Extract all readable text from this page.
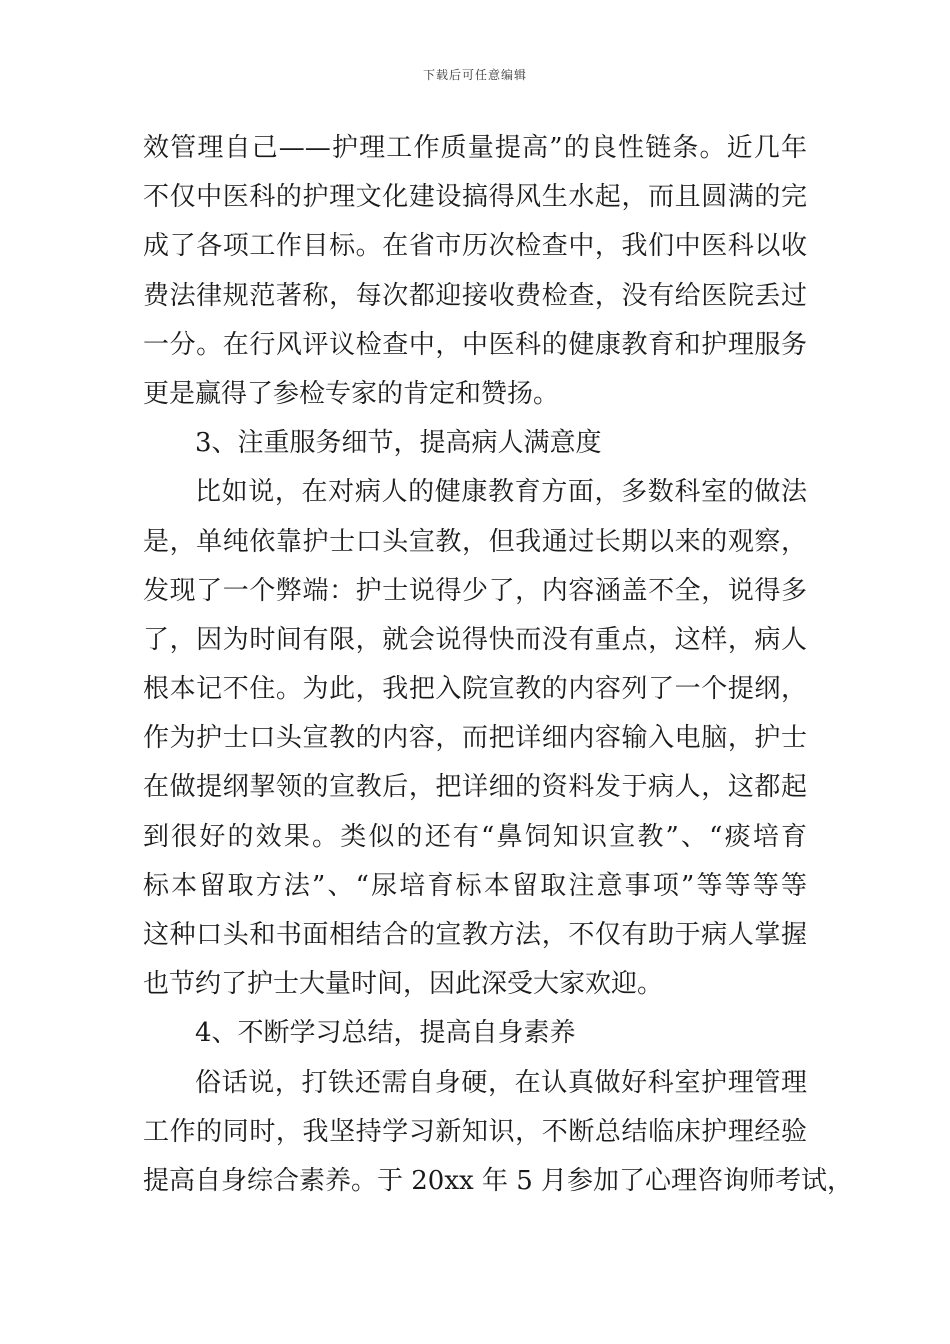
下载后可任意编辑
效管理自己——护理工作质量提高”的良性链条。近几年
不仅中医科的护理文化建设搞得风生水起，而且圆满的完
成了各项工作目标。在省市历次检查中，我们中医科以收
费法律规范著称，每次都迎接收费检查，没有给医院丢过
一分。在行风评议检查中，中医科的健康教育和护理服务
更是赢得了参检专家的肯定和赞扬。
3、注重服务细节，提高病人满意度
比如说，在对病人的健康教育方面，多数科室的做法
是，单纯依靠护士口头宣教，但我通过长期以来的观察，
发现了一个弊端：护士说得少了，内容涵盖不全，说得多
了，因为时间有限，就会说得快而没有重点，这样，病人
根本记不住。为此，我把入院宣教的内容列了一个提纲，
作为护士口头宣教的内容，而把详细内容输入电脑，护士
在做提纲挈领的宣教后，把详细的资料发于病人，这都起
到很好的效果。类似的还有“鼻饲知识宣教”、“痰培育
标本留取方法”、“尿培育标本留取注意事项”等等等等
这种口头和书面相结合的宣教方法，不仅有助于病人掌握
也节约了护士大量时间，因此深受大家欢迎。
4、不断学习总结，提高自身素养
俗话说，打铁还需自身硬，在认真做好科室护理管理
工作的同时，我坚持学习新知识，不断总结临床护理经验
提高自身综合素养。于 20xx 年 5 月参加了心理咨询师考试，
